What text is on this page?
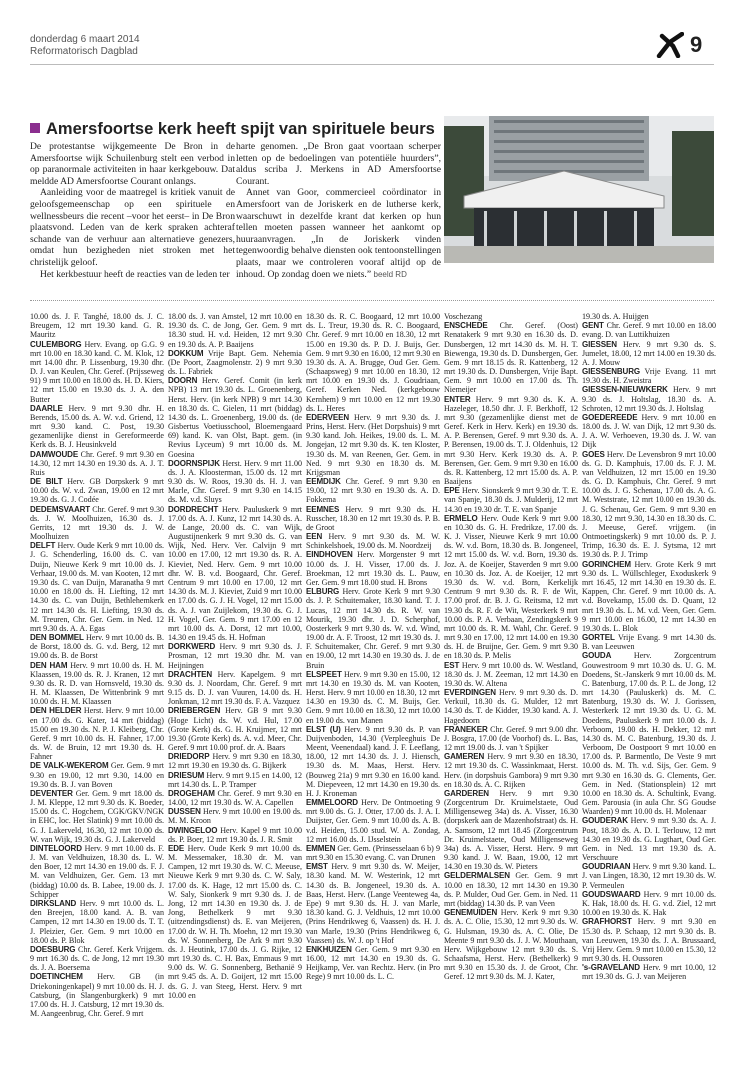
donderdag 6 maart 2014
Reformatorisch Dagblad	9
Amersfoortse kerk heeft spijt van spirituele beurs

De protestantse wijkgemeente De Bron in de Amersfoortse wijk Schuilenburg stelt een verbod in op paranormale activiteiten in haar kerkgebouw. Dat meldde AD Amersfoortse Courant onlangs.

Aanleiding voor de maatregel is kritiek vanuit de geloofsgemeenschap op een spirituele en wellnessbeurs die recent –voor het eerst– in De Bron plaatsvond. Leden van de kerk spraken achteraf schande van de verhuur aan alternatieve genezers, omdat hun bezigheden niet stroken met het christelijk geloof.

Het kerkbestuur heeft de reacties van de leden ter

harte genomen. „De Bron gaat voortaan scherper letten op de bedoelingen van potentiële huurders”, aldus scriba J. Merkens in AD Amersfoortse Courant.

Annet van Goor, commercieel coördinator in Amersfoort van de Joriskerk en de lutherse kerk, waarschuwt in dezelfde krant dat kerken op hun tellen moeten passen wanneer het aankomt op huuraanvragen. „In de Joriskerk vinden tegenwoordig behalve diensten ook tentoonstellingen plaats, maar we controleren vooraf altijd op de inhoud. Op zondag doen we niets.” beeld RD

10.00 ds. J. F. Tanghé, 18.00 ds. J. C. Breugem, 12 mrt 19.30 kand. G. R. Mauritz

CULEMBORG Herv. Evang. op G.G. 9 mrt 10.00 en 18.30 kand. C. M. Klok, 12 mrt 14.00 dhr. P. Lissenburg, 19.30 dhr. D. J. van Keulen, Chr. Geref. (Prijsseweg 91) 9 mrt 10.00 en 18.00 ds. H. D. Kiers, 12 mrt 15.00 en 19.30 ds. J. A. den Butter

DAARLE Herv. 9 mrt 9.30 dhr. H. Berends, 15.00 ds. A. W. v.d. Griend, 12 mrt 9.30 kand. C. Post, 19.30 gezamenlijke dienst in Gereformeerde Kerk ds. B. J. Heusinkveld

DAMWOUDE Chr. Geref. 9 mrt 9.30 en 14.30, 12 mrt 14.30 en 19.30 ds. A. J. T. Ruis

DE BILT Herv. GB Dorpskerk 9 mrt 10.00 ds. W. v.d. Zwan, 19.00 en 12 mrt 19.30 ds. G. J. Codée

DEDEMSVAART Chr. Geref. 9 mrt 9.30 ds. J. W. Moolhuizen, 16.30 ds. J. Gerrits, 12 mrt 19.30 ds. J. W. Moolhuizen

DELFT Herv. Oude Kerk 9 mrt 10.00 ds. J. G. Schenderling, 16.00 ds. C. van Duijn, Nieuwe Kerk 9 mrt 10.00 ds. J. Verhaar, 19.00 ds. M. van Kooten, 12 mrt 19.30 ds. C. van Duijn, Maranatha 9 mrt 10.00 en 18.00 ds. H. Liefting, 12 mrt 14.30 ds. C. van Duijn, Bethlehemkerk 12 mrt 14.30 ds. H. Liefting, 19.30 ds. M. Treuren, Chr. Ger. Gem. in Ned. 12 mrt 9.30 ds. A. A. Egas

DEN BOMMEL Herv. 9 mrt 10.00 ds. B. de Borst, 18.00 ds. G. v.d. Berg, 12 mrt 19.00 ds. B. de Borst

DEN HAM Herv. 9 mrt 10.00 ds. H. M. Klaassen, 19.00 ds. R. J. Kranen, 12 mrt 9.30 ds. R. D. van Hornsveld, 19.30 ds. H. M. Klaassen, De Wittenbrink 9 mrt 10.00 ds. H. M. Klaassen

DEN HELDER Herst. Herv. 9 mrt 10.00 en 17.00 ds. G. Kater, 14 mrt (biddag) 15.00 en 19.30 ds. N. P. J. Kleiberg, Chr. Geref. 9 mrt 10.00 ds. H. Fahner, 17.00 ds. W. de Bruin, 12 mrt 19.30 ds. H. Fahner

DE VALK-WEKEROM Ger. Gem. 9 mrt 9.30 en 19.00, 12 mrt 9.30, 14.00 en 19.30 ds. B. J. van Boven

DEVENTER Ger. Gem. 9 mrt 18.00 ds. J. M. Kleppe, 12 mrt 9.30 ds. K. Boeder, 15.00 ds. C. Hogchem, CGK/GKV/NGK in EHC, loc. Het Slatink) 9 mrt 10.00 ds. G. J. Lakerveld, 16.30, 12 mrt 10.00 ds. W. van Wijk, 19.30 ds. G. J. Lakerveld

DINTELOORD Herv. 9 mrt 10.00 ds. F. J. M. van Veldhuizen, 18.30 ds. L. W. den Boer, 12 mrt 14.30 en 19.00 ds. F. J. M. van Veldhuizen, Ger. Gem. 13 mrt (biddag) 10.00 ds. B. Labee, 19.00 ds. J. Schipper

DIRKSLAND Herv. 9 mrt 10.00 ds. L. den Breejen, 18.00 kand. A. B. van Campen, 12 mrt 14.30 en 19.00 ds. T. T. J. Pleizier, Ger. Gem. 9 mrt 10.00 en 18.00 ds. P. Blok

DOESBURG Chr. Geref. Kerk Vrijgem. 9 mrt 16.30 ds. C. de Jong, 12 mrt 19.30 ds. J. A. Boersema

DOETINCHEM Herv. GB (in Driekoningenkapel) 9 mrt 10.00 ds. H. J. Catsburg, (in Slangenburgkerk) 9 mrt 17.00 ds. H. J. Catsburg, 12 mrt 19.30 ds. M. Aangeenbrug, Chr. Geref. 9 mrt

18.00 ds. J. van Amstel, 12 mrt 10.00 en 19.30 ds. C. de Jong, Ger. Gem. 9 mrt 18.30 stud. H. v.d. Heiden, 12 mrt 9.30 en 19.30 ds. A. P. Baaijens

DOKKUM Vrije Bapt. Gem. Nehemia (De Poort, Zaagmolenstr. 2) 9 mrt 9.30 ds. L. Fabriek

DOORN Herv. Geref. Comit (in kerk NPB) 13 mrt 19.30 ds. L. Groenenberg, Herst. Herv. (in kerk NPB) 9 mrt 14.30 en 18.30 ds. C. Gielen, 11 mrt (biddag) 14.30 ds. L. Groenenberg, 19.00 ds. (de Gisbertus Voetiusschool, Bloemengaard 69) kand. K. van Olst, Bapt. gem. (in Revius Lyceum) 9 mrt 10.00 ds. M. Goesina

DOORNSPIJK Herst. Herv. 9 mrt 11.00 ds. J. A. Kloosterman, 15.00 ds. 12 mrt 9.30 ds. W. Roos, 19.30 ds. H. J. van Marle, Chr. Geref. 9 mrt 9.30 en 14.15 ds. M. v.d. Sluys

DORDRECHT Herv. Pauluskerk 9 mrt 17.00 ds. A. J. Kunz, 12 mrt 14.30 ds. A. de Lange, 20.00 ds. C. van Wijk, Augustijnenkerk 9 mrt 9.30 ds. G. van Wijk, Ned. Herv. Ver. Calvijn 9 mrt 10.00 en 17.00, 12 mrt 19.30 ds. R. A. Kieviet, Ned. Herv. Gem. 9 mrt 10.00 dhr. W. B. v.d. Boogaard, Chr. Geref. Centrum 9 mrt 10.00 en 17.00, 12 mrt 14.30 ds. M. J. Kieviet, Zuid 9 mrt 10.00 en 17.00 ds. G. J. H. Vogel, 12 mrt 15.00 ds. A. J. van Zuijlekom, 19.30 ds. G. J. H. Vogel, Ger. Gem. 9 mrt 17.00 en 12 mrt 10.00 ds. A. Dorst, 12 mrt 10.00, 14.30 en 19.45 ds. H. Hofman

DORKWERD Herv. 9 mrt 9.30 ds. J. Prosman, 12 mrt 19.30 dhr. M. van Heijningen

DRACHTEN Herv. Kapelgem. 9 mrt 9.30 ds. J. Noordam, Chr. Geref. 9 mrt 9.15 ds. D. J. van Vuuren, 14.00 ds. H. Jonkman, 12 mrt 19.30 ds. F. A. Vazquez

DRIEBERGEN Herv. GB 9 mrt 9.30 (Hoge Licht) ds. W. v.d. Hul, 17.00 (Grote Kerk) ds. G. H. Kruijmer, 12 mrt 19.30 (Grote Kerk) ds. A. v.d. Meer, Chr. Geref. 9 mrt 10.00 prof. dr. A. Baars

DRIEDORP Herv. 9 mrt 9.30 en 18.30, 12 mrt 19.30 en 19.30 ds. G. Bijkerk

DRIESUM Herv. 9 mrt 9.15 en 14.00, 12 mrt 14.30 ds. L. P. Tramper

DROGEHAM Chr. Geref. 9 mrt 9.30 en 14.00, 12 mrt 19.30 ds. W. A. Capellen

DUSSEN Herv. 9 mrt 10.00 en 19.00 ds. M. M. Kroon

DWINGELOO Herv. Kapel 9 mrt 10.00 ds. P. Boer, 12 mrt 19.30 ds. J. R. Smit

EDE Herv. Oude Kerk 9 mrt 10.00 ds. M. Messemaker, 18.30 dr. M. van Campen, 12 mrt 19.30 ds. W. C. Meeuse, Nieuwe Kerk 9 mrt 9.30 ds. C. W. Saly, 17.00 ds. K. Hage, 12 mrt 15.00 ds. C. W. Saly, Sionkerk 9 mrt 9.30 ds. J. de Jong, 12 mrt 14.30 en 19.30 ds. J. de Jong, Bethelkerk 9 mrt 9.30 (uitzendingsdienst) ds. E. van Meijeren, 17.00 dr. W. H. Th. Moehn, 12 mrt 19.30 ds. W. Sonnenberg, De Ark 9 mrt 9.30 ds. J. Heutink, 17.00 ds. J. G. Rijke, 12 mrt 19.30 ds. C. H. Bax, Emmaus 9 mrt 9.00 ds. W. G. Sonnenberg, Bethanië 9 mrt 9.45 ds. A. D. Goijert, 12 mrt 15.00 ds. G. J. van Steeg, Herst. Herv. 9 mrt 10.00 en

18.30 ds. R. C. Boogaard, 12 mrt 10.00 ds. L. Treur, 19.30 ds. R. C. Boogaard, Chr. Geref. 9 mrt 10.00 en 18.30, 12 mrt 15.00 en 19.30 ds. P. D. J. Buijs, Ger. Gem. 9 mrt 9.30 en 16.00, 12 mrt 9.30 en 19.30 ds. A. A. Brugge, Oud Ger. Gem. (Schaapsweg) 9 mrt 10.00 en 18.30, 12 mrt 10.00 en 19.30 ds. J. Goudriaan, Geref. Kerken Ned. (kerkgebouw Kernhem) 9 mrt 10.00 en 12 mrt 19.30 ds. L. Heres

EDERVEEN Herv. 9 mrt 9.30 ds. J. Prins, Herst. Herv. (Het Dorpshuis) 9 mrt 9.30 kand. Joh. Heikes, 19.00 ds. L. M. Jongejan, 12 mrt 9.30 ds. K. ten Kloster, 19.30 ds. M. van Reenen, Ger. Gem. in Ned. 9 mrt 9.30 en 18.30 ds. M. Krijgsman

EEMDIJK Chr. Geref. 9 mrt 9.30 en 19.00, 12 mrt 9.30 en 19.30 ds. A. D. Fokkema

EEMNES Herv. 9 mrt 9.30 ds. H. Russcher, 18.30 en 12 mrt 19.30 ds. P. B. de Groot

EEN Herv. 9 mrt 9.30 ds. M. W. Schinkelshoek, 19.00 ds. M. Noordzeij

EINDHOVEN Herv. Morgenster 9 mrt 10.00 ds. J. H. Visser, 17.00 ds. J. Broekman, 12 mrt 19.30 ds. L. Pauw, Ger. Gem. 9 mrt 18.00 stud. H. Brons

ELBURG Herv. Grote Kerk 9 mrt 9.30 ds. J. P. Schuitemaker, 18.30 kand. T. J. Lucas, 12 mrt 14.30 ds. R. W. van Mourik, 19.30 dhr. J. D. Scherphof, Oosterkerk 9 mrt 9.30 ds. W. v.d. Wind, 19.00 dr. A. F. Troost, 12 mrt 19.30 ds. J. F. Schuitemaker, Chr. Geref. 9 mrt 9.30 en 19.00, 12 mrt 14.30 en 19.30 ds. J. de Bruin

ELSPEET Herv. 9 mrt 9.30 en 15.00, 12 mrt 14.30 en 19.30 ds. M. van Kooten, Herst. Herv. 9 mrt 10.00 en 18.30, 12 mrt 14.30 en 19.30 ds. C. M. Buijs, Ger. Gem. 9 mrt 10.00 en 18.30, 12 mrt 10.00 en 19.00 ds. van Manen

ELST (U) Herv. 9 mrt 9.30 ds. P. van Duijvenboden, 14.30 (Verpleeghuis De Meent, Veenendaal) kand. J. F. Leeflang, 18.00, 12 mrt 14.30 ds. J. J. Hiensch, 19.30 ds. M. Maas, Herst. Herv. (Bouweg 21a) 9 mrt 9.30 en 16.00 kand. M. Diepeveen, 12 mrt 14.30 en 19.30 ds. H. J. Kroneman

EMMELOORD Herv. De Ontmoeting 9 mrt 9.00 ds. G. J. Otter, 17.00 ds. J. A. I. Duijster, Ger. Gem. 9 mrt 10.00 ds. A. B. v.d. Heiden, 15.00 stud. W. A. Zondag, 12 mrt 16.00 ds. J. IJsselstein

EMMEN Ger. Gem. (Prinsesselaan 6 b) 9 mrt 9.30 en 15.30 evang. C. van Drunen

EMST Herv. 9 mrt 9.30 ds. W. Meijer, 18.30 kand. M. W. Westerink, 12 mrt 14.30 ds. B. Jongeneel, 19.30 ds. A. Baas, Herst. Herv. (Lange Veenteweg 4a, Epe) 9 mrt 9.30 ds. H. J. van Marle, 18.30 kand. G. J. Veldhuis, 12 mrt 10.00 (Prins Hendrikweg 6, Vaassen) ds. H. J. van Marle, 19.30 (Prins Hendrikweg 6, Vaassen) ds. W. J. op 't Hof

ENKHUIZEN Ger. Gem. 9 mrt 9.30 en 16.00, 12 mrt 14.30 en 19.30 ds. G. Heijkamp, Ver. van Rechtz. Herv. (in Pro Rege) 9 mrt 10.00 ds. L. C.

Voschezang

ENSCHEDE Chr. Geref. (Oost) Renatakerk 9 mrt 9.30 en 16.30 ds. D. Dunsbergen, 12 mrt 14.30 ds. M. H. T. Biewenga, 19.30 ds. D. Dunsbergen, Ger. Gem. 9 mrt 18.15 ds. R. Kattenberg, 12 mrt 19.30 ds. D. Dunsbergen, Vrije Bapt. Gem. 9 mrt 10.00 en 17.00 ds. Th. Niemeijer

ENTER Herv. 9 mrt 9.30 ds. K. A. Hazeleger, 18.50 dhr. J. F. Berkhoff, 12 mrt 9.30 (gezamenlijke dienst met de Geref. Kerk in Herv. Kerk) en 19.30 ds. A. P. Berensen, Geref. 9 mrt 9.30 ds. A. P. Berensen, 19.00 ds. T. J. Oldenhuis, 12 mrt 9.30 Herv. Kerk 19.30 ds. A. P. Berensen, Ger. Gem. 9 mrt 9.30 en 16.00 ds. R. Kattenberg, 12 mrt 15.00 ds. A. P. Baaijens

EPE Herv. Sionskerk 9 mrt 9.30 dr. T. E. van Spanje, 18.30 ds. J. Mulderij, 12 mrt 14.30 en 19.30 dr. T. E. van Spanje

ERMELO Herv. Oude Kerk 9 mrt 9.00 en 10.30 ds. G. H. Fredrikze, 17.00 ds. K. J. Visser, Nieuwe Kerk 9 mrt 10.00 ds. W. v.d. Born, 18.30 ds. B. Jongeneel, 12 mrt 15.00 ds. W. v.d. Born, 19.30 ds. Joz. A. de Koeijer, Staverden 9 mrt 9.00 en 10.30 ds. Joz. A. de Koeijer, 12 mrt 19.30 ds. W. v.d. Born, Kerkelijk Centrum 9 mrt 9.30 ds. R. F. de Wit, 17.00 prof. dr. B. J. G. Reitsma, 12 mrt 19.30 ds. R. F. de Wit, Westerkerk 9 mrt 10.00 ds. P. A. Verbaan, Zendingskerk 9 mrt 10.00 ds. R. M. Wahl, Chr. Geref. 9 mrt 9.30 en 17.00, 12 mrt 14.00 en 19.30 ds. H. de Bruijne, Ger. Gem. 9 mrt 9.30 en 18.30 ds. P. Melis

EST Herv. 9 mrt 10.00 ds. W. Westland, 18.30 ds. J. M. Zeeman, 12 mrt 14.30 en 19.30 ds. W. Altena

EVERDINGEN Herv. 9 mrt 9.30 ds. D. Verkuil, 18.30 ds. G. Mulder, 12 mrt 14.30 ds. T. de Kidder, 19.30 kand. A. J. Hagedoorn

FRANEKER Chr. Geref. 9 mrt 9.00 dhr. J. Bosgra, 17.00 (de Voorhof) ds. L. Bas, 12 mrt 19.00 ds. J. van 't Spijker

GAMEREN Herv. 9 mrt 9.30 en 18.30, 12 mrt 19.30 ds. C. Wassinkmaat, Herst. Herv. (in dorpshuis Gambora) 9 mrt 9.30 en 18.30 ds. A. C. Rijken

GARDEREN Herv. 9 mrt 9.30 (Zorgcentrum Dr. Kruimelstaete, Oud Milligenseweg 34a) ds. A. Visser, 16.30 (dorpskerk aan de Mazenhofstraat) ds. H. A. Samsom, 12 mrt 18.45 (Zorgcentrum Dr. Kruimelstaete, Oud Milligenseweg 34a) ds. A. Visser, Herst. Herv. 9 mrt 9.30 kand. J. W. Baan, 19.00, 12 mrt 14.30 en 19.30 ds. W. Pieters

GELDERMALSEN Ger. Gem. 9 mrt 10.00 en 18.30, 12 mrt 14.30 en 19.30 ds. P. Mulder, Oud Ger. Gem. in Ned. 11 mrt (biddag) 14.30 ds. P. van Veen

GENEMUIDEN Herv. Kerk 9 mrt 9.30 ds. A. C. Olie, 15.30, 12 mrt 9.30 ds. W. G. Hulsman, 19.30 ds. A. C. Olie, De Meente 9 mrt 9.30 ds. J. J. W. Mouthaan, Herv. Wijkgebouw 12 mrt 9.30 ds. S. Schaafsma, Herst. Herv. (Bethelkerk) 9 mrt 9.30 en 15.30 ds. J. de Groot, Chr. Geref. 12 mrt 9.30 ds. M. J. Kater,

19.30 ds. A. Huijgen

GENT Chr. Geref. 9 mrt 10.00 en 18.00 evang. D. van Luttikhuizen

GIESSEN Herv. 9 mrt 9.30 ds. S. Jumelet, 18.00, 12 mrt 14.00 en 19.30 ds. A. J. Mouw

GIESSENBURG Vrije Evang. 11 mrt 19.30 ds. H. Zweistra

GIESSEN-NIEUWKERK Herv. 9 mrt 9.30 ds. J. Holtslag, 18.30 ds. A. Schroten, 12 mrt 19.30 ds. J. Holtslag

GOEDEREEDE Herv. 9 mrt 10.00 en 18.00 ds. J. W. van Dijk, 12 mrt 9.30 ds. J. A. W. Verhoeven, 19.30 ds. J. W. van Dijk

GOES Herv. De Levensbron 9 mrt 10.00 ds. G. D. Kamphuis, 17.00 ds. F. J. M. van Veldhuizen, 12 mrt 15.00 en 19.30 ds. G. D. Kamphuis, Chr. Geref. 9 mrt 10.00 ds. J. G. Schenau, 17.00 ds. A. G. M. Weststrate, 12 mrt 10.00 en 19.30 ds. J. G. Schenau, Ger. Gem. 9 mrt 9.30 en 18.30, 12 mrt 9.30, 14.30 en 18.30 ds. C. J. Meeuse, Geref. vrijgem. (in Ontmoetingskerk) 9 mrt 10.00 ds. P. J. Trimp, 16.30 ds. E. J. Sytsma, 12 mrt 19.30 ds. P. J. Trimp

GORINCHEM Herv. Grote Kerk 9 mrt 9.30 ds. L. Wüllschleger, Exoduskerk 9 mrt 16.45, 12 mrt 14.30 en 19.30 ds. E. Kappen, Chr. Geref. 9 mrt 10.00 ds. A. v.d. Bovekamp, 15.00 ds. D. Quant, 12 mrt 19.30 ds. L. M. v.d. Veen, Ger. Gem. 9 mrt 10.00 en 16.00, 12 mrt 14.30 en 19.30 ds. L. Blok

GORTEL Vrije Evang. 9 mrt 14.30 ds. B. van Leeuwen

GOUDA	Herv. Zorgcentrum Gouwestroom 9 mrt 10.30 ds. U. G. M. Doedens, St.-Janskerk 9 mrt 10.00 ds. M. C. Batenburg, 17.00 ds. P. L. de Jong, 12 mrt 14.30 (Pauluskerk) ds. M. C. Batenburg, 19.30 ds. W. J. Gorissen, Westerkerk 12 mrt 19.30 ds. U. G. M. Doedens, Pauluskerk 9 mrt 10.00 ds. J. Verboom, 19.00 ds. H. Dekker, 12 mrt 14.30 ds. M. C. Batenburg, 19.30 ds. J. Verboom, De Oostpoort 9 mrt 10.00 en 17.00 ds. P. Barmentlo, De Veste 9 mrt 10.00 ds. M. Th. v.d. Sijs, Ger. Gem. 9 mrt 9.30 en 16.30 ds. G. Clements, Ger. Gem. in Ned. (Stationsplein) 12 mrt 10.00 en 18.30 ds. A. Schultink, Evang. Gem. Parousia (in aula Chr. SG Goudse Waarden) 9 mrt 10.00 ds. H. Molenaar

GOUDERAK Herv. 9 mrt 9.30 ds. A. J. Post, 18.30 ds. A. D. I. Terlouw, 12 mrt 14.30 en 19.30 ds. G. Lugthart, Oud Ger. Gem. in Ned. 13 mrt 19.30 ds. A. Verschuure

GOUDRIAAN Herv. 9 mrt 9.30 kand. L. J. van Lingen, 18.30, 12 mrt 19.30 ds. W. P. Vermeulen

GOUDSWAARD Herv. 9 mrt 10.00 ds. K. Hak, 18.00 ds. H. G. v.d. Ziel, 12 mrt 10.00 en 19.30 ds. K. Hak

GRAFHORST Herv. 9 mrt 9.30 en 15.30 ds. P. Schaap, 12 mrt 9.30 ds. B. van Leeuwen, 19.30 ds. J. A. Brussaard, Vrij Herv. Gem. 9 mrt 10.00 en 15.30, 12 mrt 9.30 ds. H. Oussoren

's-GRAVELAND Herv. 9 mrt 10.00, 12 mrt 19.30 ds. G. J. van Meijeren
